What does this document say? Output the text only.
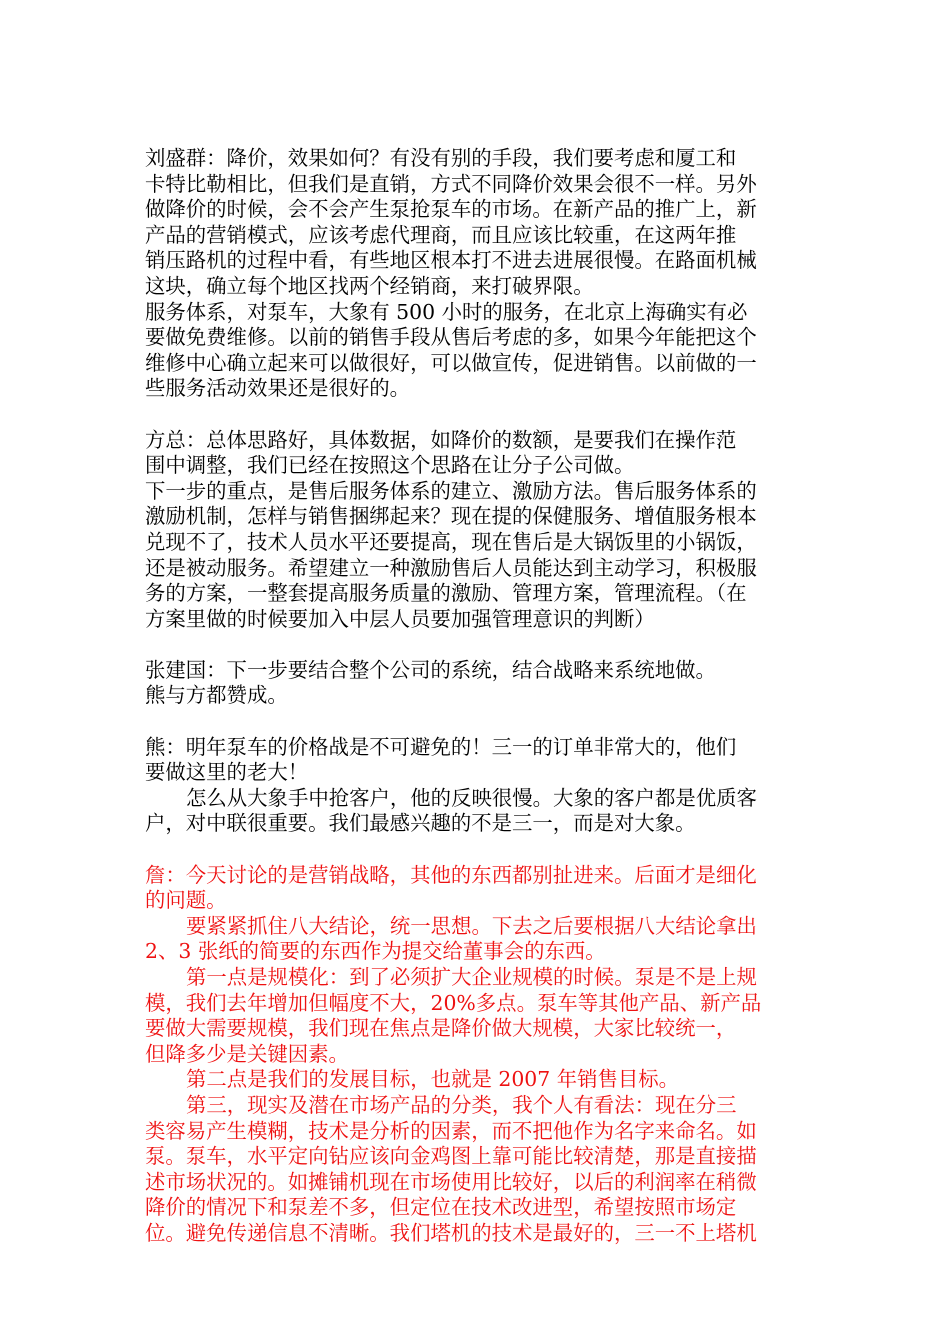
刘盛群：降价，效果如何？有没有别的手段，我们要考虑和厦工和
卡特比勒相比，但我们是直销，方式不同降价效果会很不一样。另外
做降价的时候，会不会产生泵抢泵车的市场。在新产品的推广上，新
产品的营销模式，应该考虑代理商，而且应该比较重，在这两年推
销压路机的过程中看，有些地区根本打不进去进展很慢。在路面机械
这块，确立每个地区找两个经销商，来打破界限。
服务体系，对泵车，大象有 500 小时的服务，在北京上海确实有必
要做免费维修。以前的销售手段从售后考虑的多，如果今年能把这个
维修中心确立起来可以做很好，可以做宣传，促进销售。以前做的一
些服务活动效果还是很好的。
方总：总体思路好，具体数据，如降价的数额，是要我们在操作范
围中调整，我们已经在按照这个思路在让分子公司做。
下一步的重点，是售后服务体系的建立、激励方法。售后服务体系的
激励机制，怎样与销售捆绑起来？现在提的保健服务、增值服务根本
兑现不了，技术人员水平还要提高，现在售后是大锅饭里的小锅饭，
还是被动服务。希望建立一种激励售后人员能达到主动学习，积极服
务的方案，一整套提高服务质量的激励、管理方案，管理流程。（在
方案里做的时候要加入中层人员要加强管理意识的判断）
张建国：下一步要结合整个公司的系统，结合战略来系统地做。
熊与方都赞成。
熊：明年泵车的价格战是不可避免的！三一的订单非常大的，他们
要做这里的老大！
怎么从大象手中抢客户，他的反映很慢。大象的客户都是优质客
户，对中联很重要。我们最感兴趣的不是三一，而是对大象。
詹：今天讨论的是营销战略，其他的东西都别扯进来。后面才是细化
的问题。
要紧紧抓住八大结论，统一思想。下去之后要根据八大结论拿出
2、3 张纸的简要的东西作为提交给董事会的东西。
第一点是规模化：到了必须扩大企业规模的时候。泵是不是上规
模，我们去年增加但幅度不大，20%多点。泵车等其他产品、新产品
要做大需要规模，我们现在焦点是降价做大规模，大家比较统一，
但降多少是关键因素。
第二点是我们的发展目标，也就是 2007 年销售目标。
第三，现实及潜在市场产品的分类，我个人有看法：现在分三
类容易产生模糊，技术是分析的因素，而不把他作为名字来命名。如
泵。泵车，水平定向钻应该向金鸡图上靠可能比较清楚，那是直接描
述市场状况的。如摊铺机现在市场使用比较好，以后的利润率在稍微
降价的情况下和泵差不多，但定位在技术改进型，希望按照市场定
位。避免传递信息不清晰。我们塔机的技术是最好的，三一不上塔机
